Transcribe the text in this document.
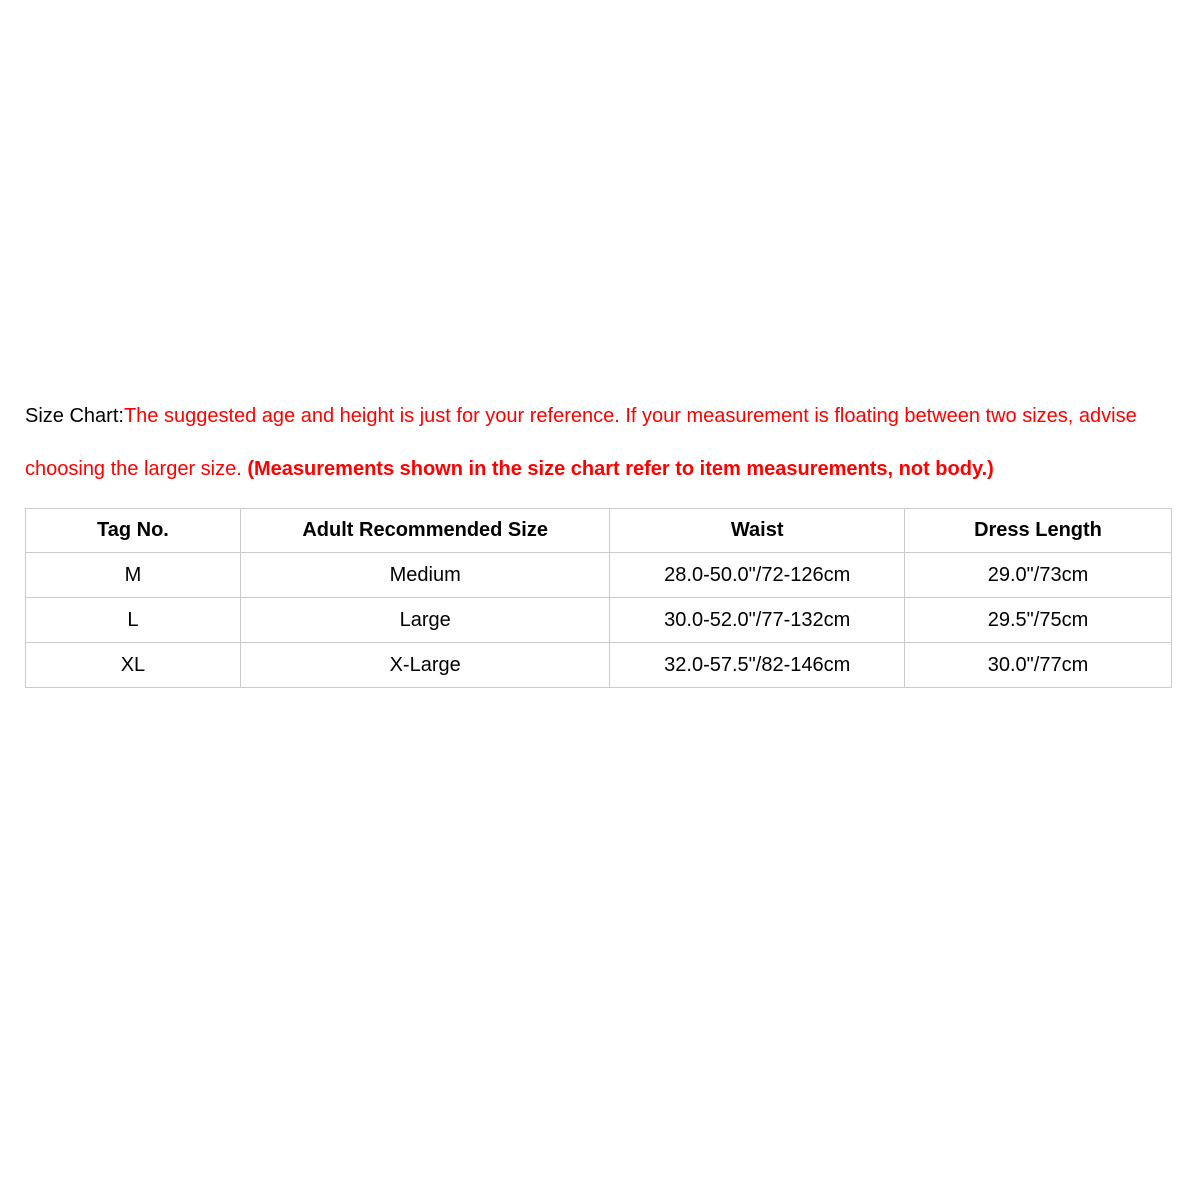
Size Chart:The suggested age and height is just for your reference. If your measurement is floating between two sizes, advise choosing the larger size. (Measurements shown in the size chart refer to item measurements, not body.)

Tag No.	Adult Recommended Size	Waist	Dress Length
M	Medium	28.0-50.0"/72-126cm	29.0"/73cm
L	Large	30.0-52.0"/77-132cm	29.5"/75cm
XL	X-Large	32.0-57.5"/82-146cm	30.0"/77cm
